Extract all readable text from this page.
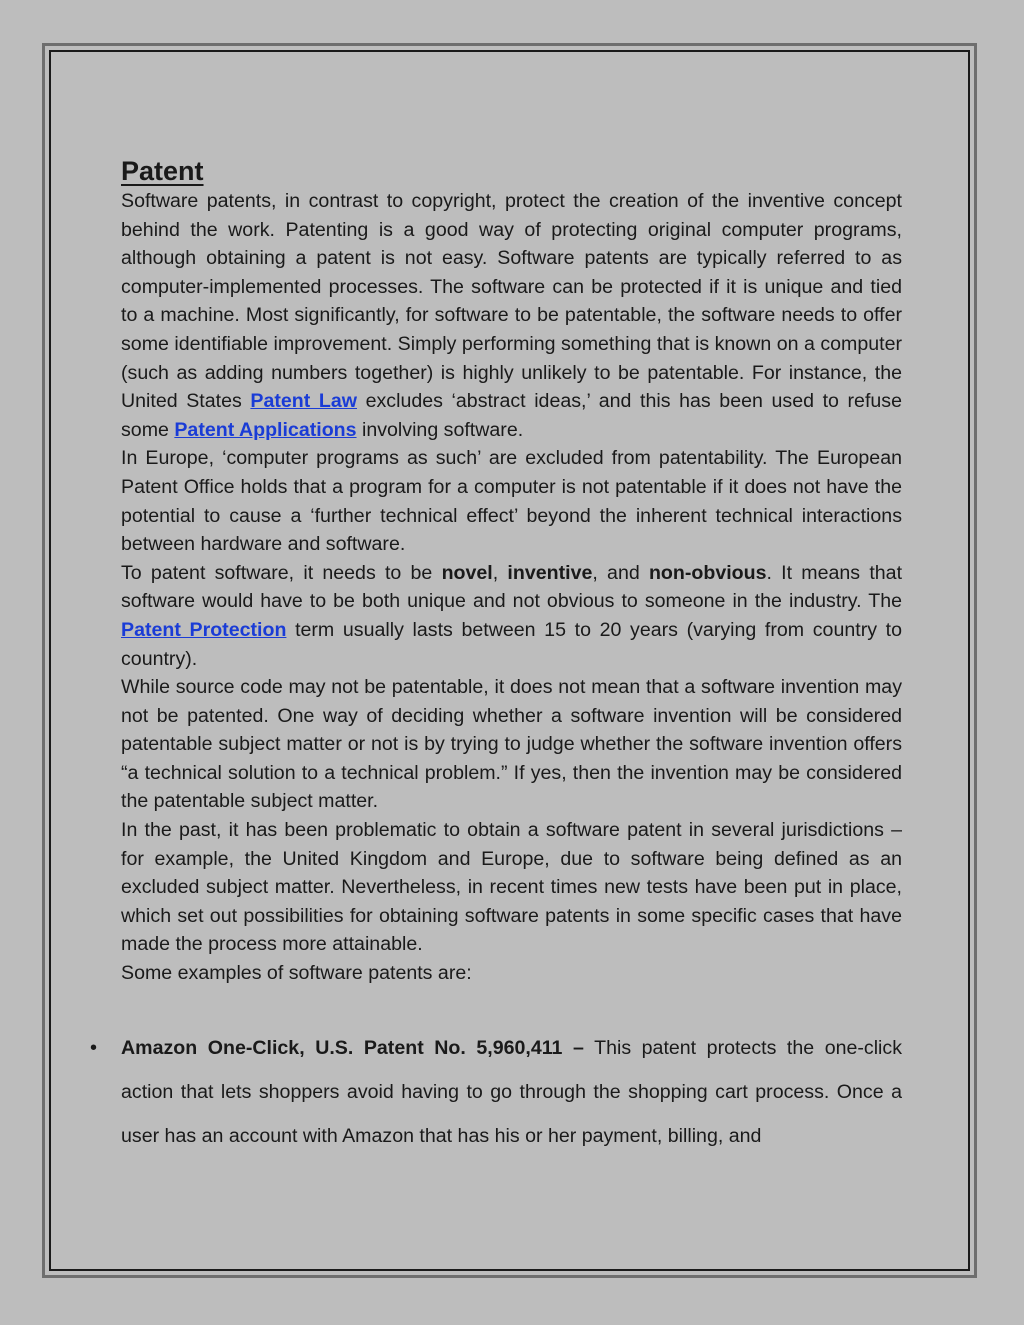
Patent

Software patents, in contrast to copyright, protect the creation of the inventive concept behind the work. Patenting is a good way of protecting original computer programs, although obtaining a patent is not easy. Software patents are typically referred to as computer-implemented processes. The software can be protected if it is unique and tied to a machine. Most significantly, for software to be patentable, the software needs to offer some identifiable improvement. Simply performing something that is known on a computer (such as adding numbers together) is highly unlikely to be patentable. For instance, the United States Patent Law excludes ‘abstract ideas,’ and this has been used to refuse some Patent Applications involving software.

In Europe, ‘computer programs as such’ are excluded from patentability. The European Patent Office holds that a program for a computer is not patentable if it does not have the potential to cause a ‘further technical effect’ beyond the inherent technical interactions between hardware and software.

To patent software, it needs to be novel, inventive, and non-obvious. It means that software would have to be both unique and not obvious to someone in the industry. The Patent Protection term usually lasts between 15 to 20 years (varying from country to country).

While source code may not be patentable, it does not mean that a software invention may not be patented. One way of deciding whether a software invention will be considered patentable subject matter or not is by trying to judge whether the software invention offers “a technical solution to a technical problem.” If yes, then the invention may be considered the patentable subject matter.

In the past, it has been problematic to obtain a software patent in several jurisdictions – for example, the United Kingdom and Europe, due to software being defined as an excluded subject matter. Nevertheless, in recent times new tests have been put in place, which set out possibilities for obtaining software patents in some specific cases that have made the process more attainable.

Some examples of software patents are:

• Amazon One-Click, U.S. Patent No. 5,960,411 – This patent protects the one-click action that lets shoppers avoid having to go through the shopping cart process. Once a user has an account with Amazon that has his or her payment, billing, and
